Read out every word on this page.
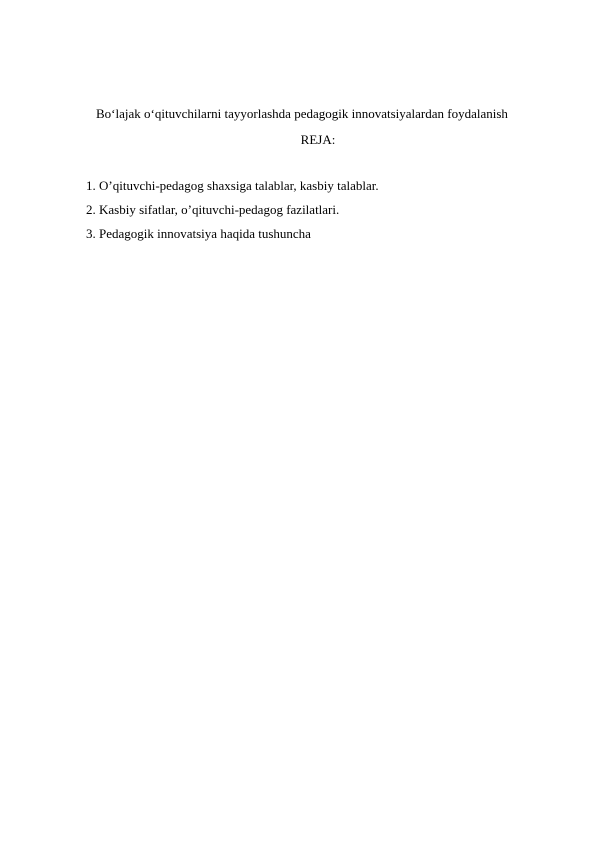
Bo‘lajak o‘qituvchilarni tayyorlashda pedagogik innovatsiyalardan foydalanish
REJA:
1. O’qituvchi-pedagog shaxsiga talablar, kasbiy talablar.
2. Kasbiy sifatlar, o’qituvchi-pedagog fazilatlari.
3. Pedagogik innovatsiya haqida tushuncha
